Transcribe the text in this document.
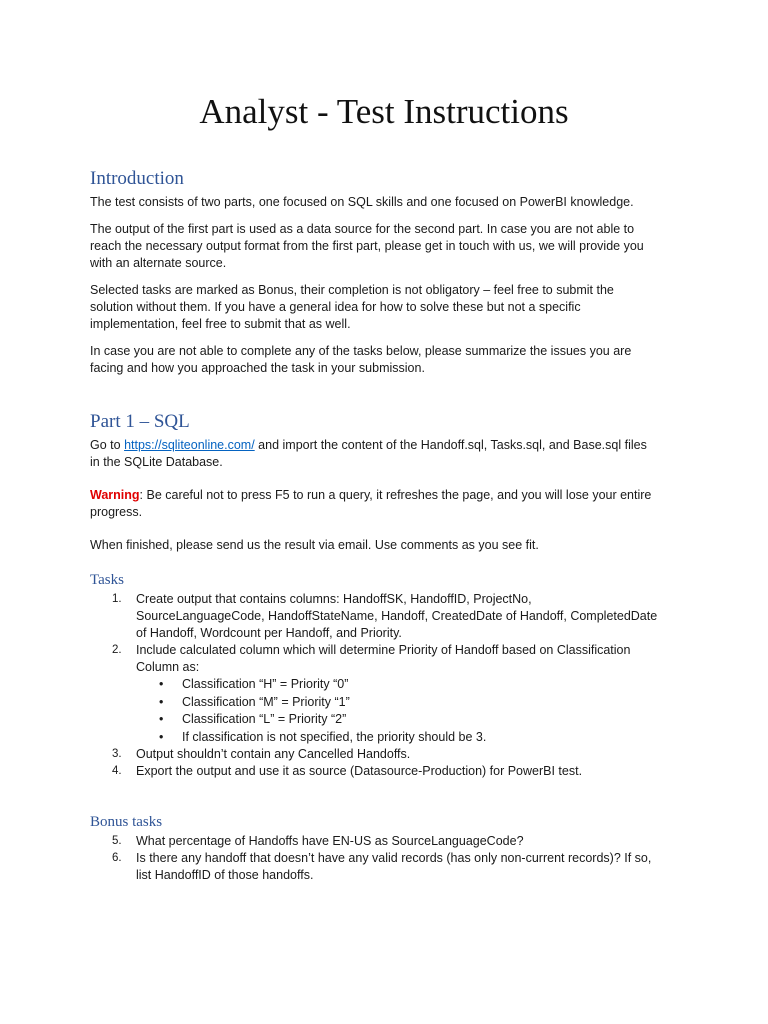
Analyst - Test Instructions
Introduction

The test consists of two parts, one focused on SQL skills and one focused on PowerBI knowledge.

The output of the first part is used as a data source for the second part. In case you are not able to reach the necessary output format from the first part, please get in touch with us, we will provide you with an alternate source.

Selected tasks are marked as Bonus, their completion is not obligatory – feel free to submit the solution without them. If you have a general idea for how to solve these but not a specific implementation, feel free to submit that as well.

In case you are not able to complete any of the tasks below, please summarize the issues you are facing and how you approached the task in your submission.

Part 1 – SQL

Go to https://sqliteonline.com/ and import the content of the Handoff.sql, Tasks.sql, and Base.sql files in the SQLite Database.

Warning: Be careful not to press F5 to run a query, it refreshes the page, and you will lose your entire progress.

When finished, please send us the result via email. Use comments as you see fit.

Tasks
1. Create output that contains columns: HandoffSK, HandoffID, ProjectNo, SourceLanguageCode, HandoffStateName, Handoff, CreatedDate of Handoff, CompletedDate of Handoff, Wordcount per Handoff, and Priority.
2. Include calculated column which will determine Priority of Handoff based on Classification Column as:
• Classification “H” = Priority “0”
• Classification “M” = Priority “1”
• Classification “L” = Priority “2”
• If classification is not specified, the priority should be 3.
3. Output shouldn’t contain any Cancelled Handoffs.
4. Export the output and use it as source (Datasource-Production) for PowerBI test.
Bonus tasks
5. What percentage of Handoffs have EN-US as SourceLanguageCode?
6. Is there any handoff that doesn’t have any valid records (has only non-current records)? If so, list HandoffID of those handoffs.
